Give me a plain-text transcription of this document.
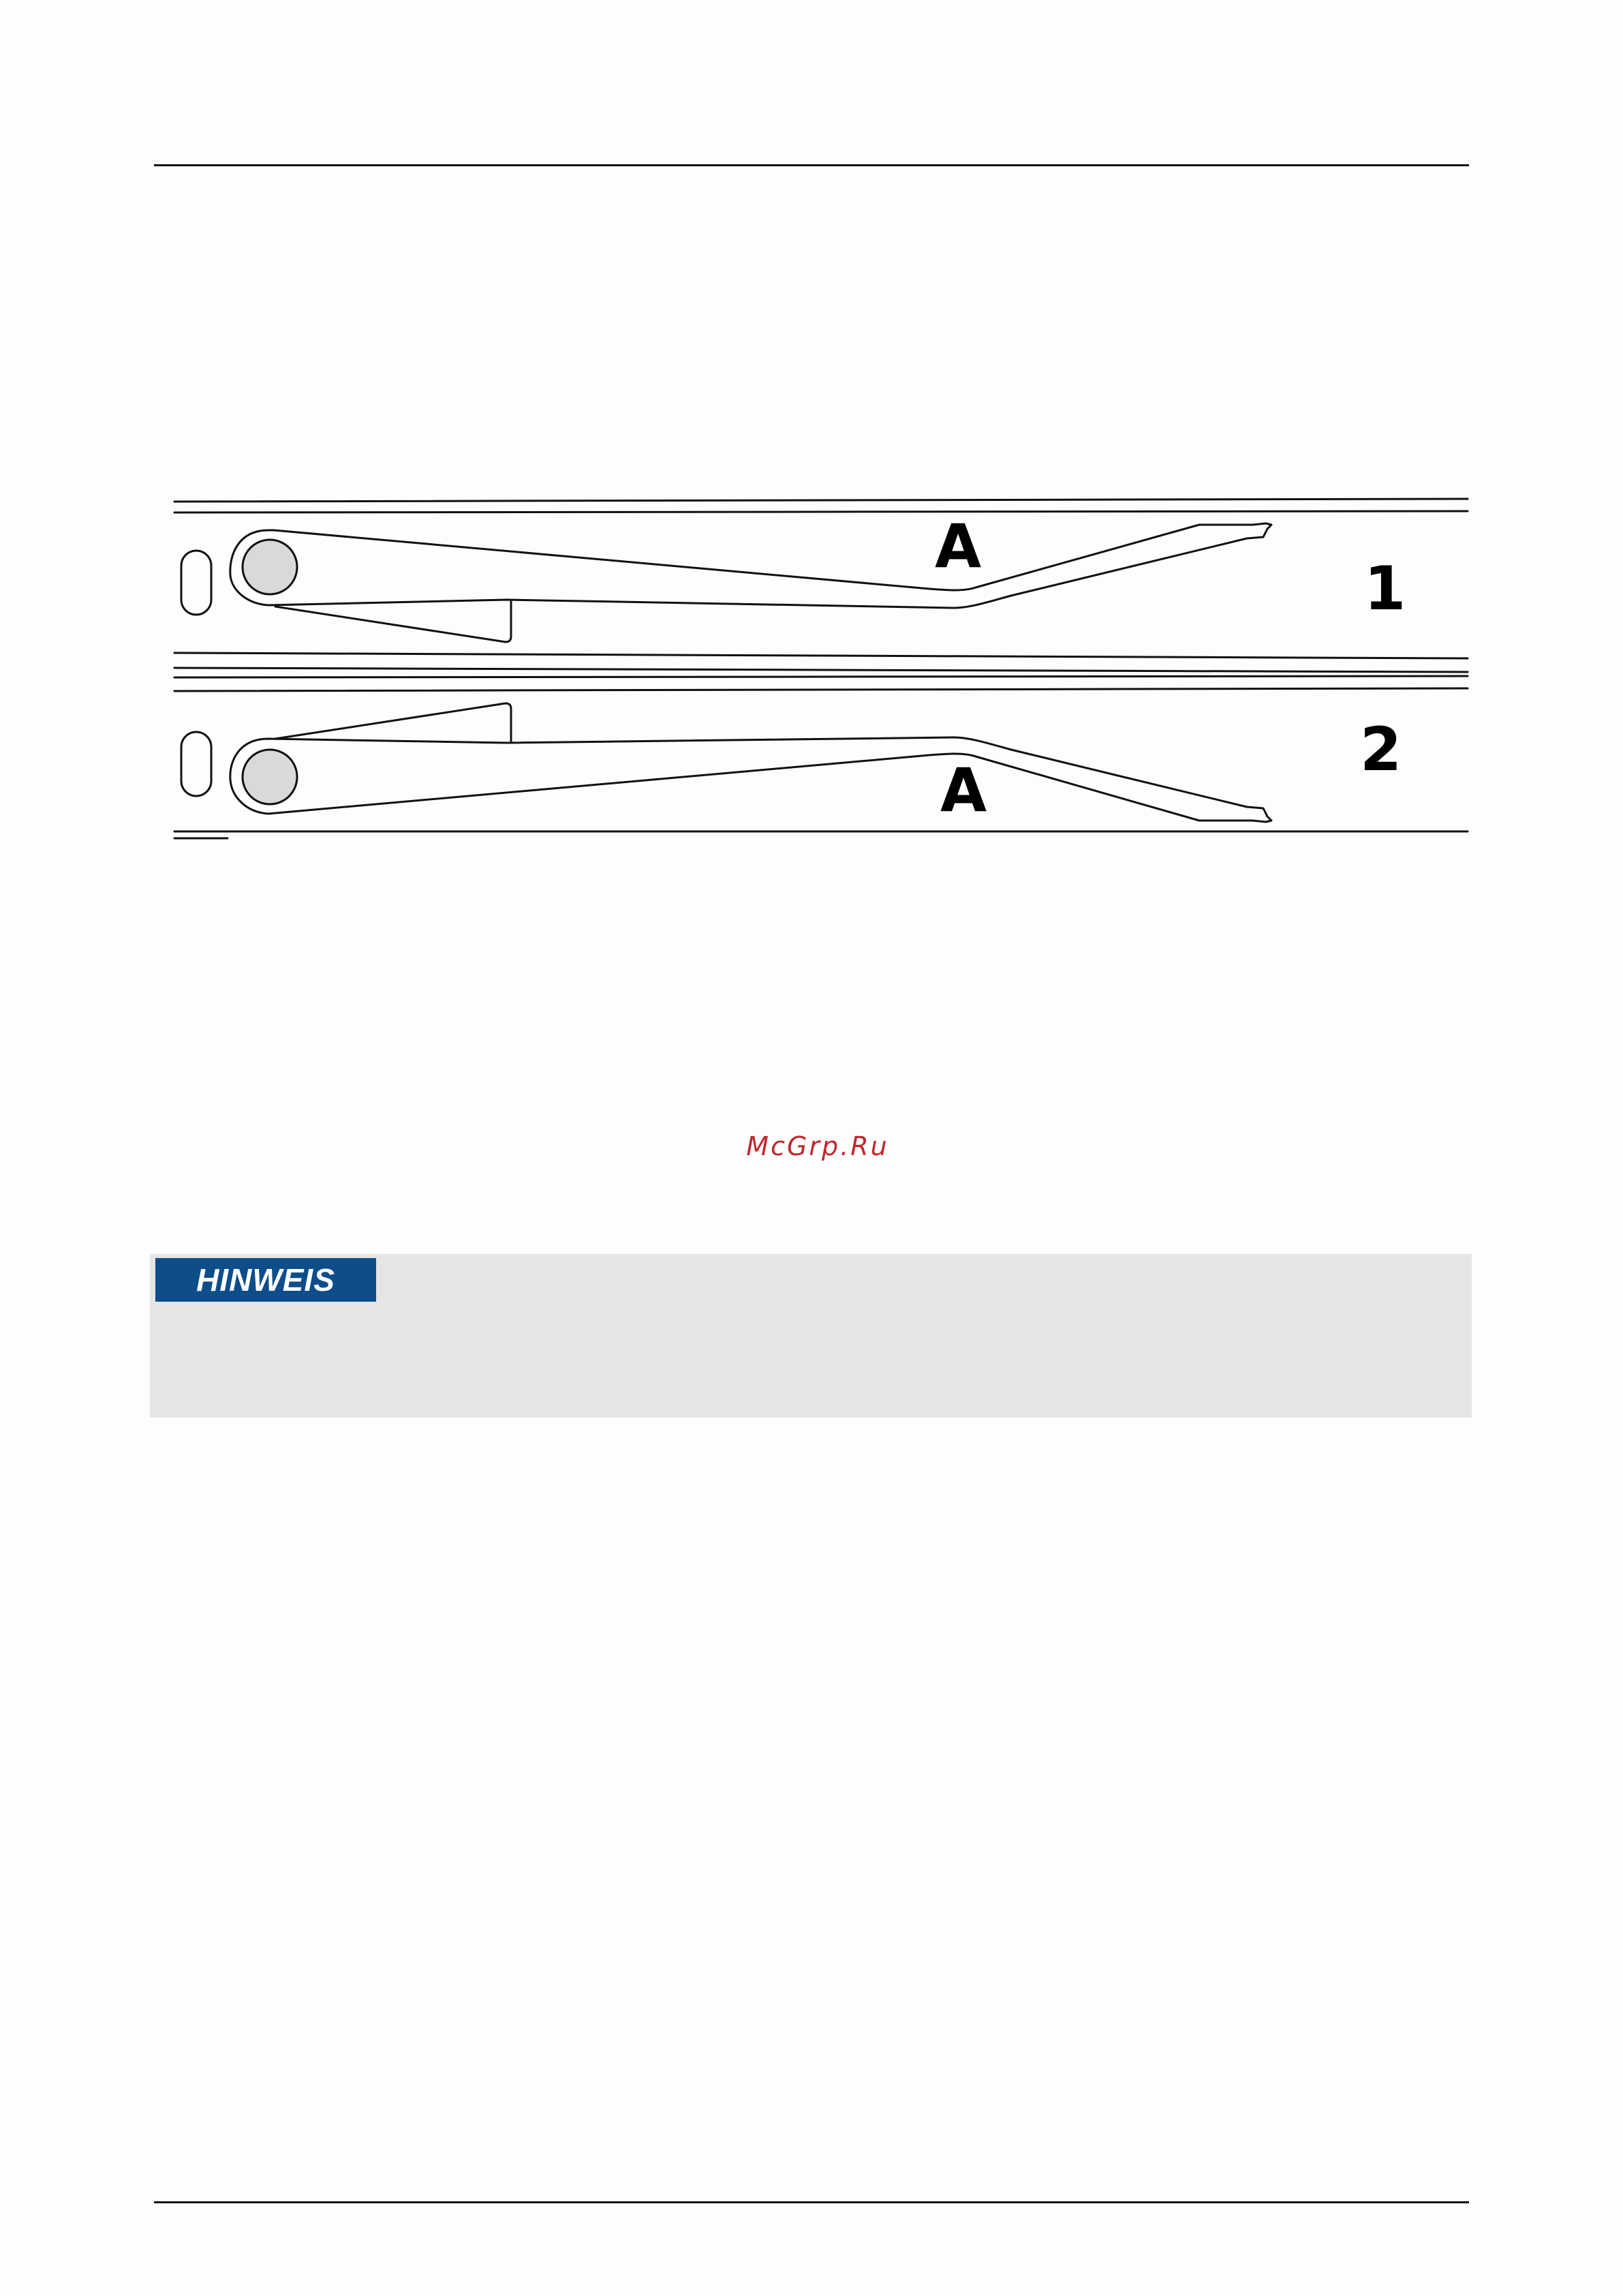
A
A
1
2
McGrp.Ru
HINWEIS
